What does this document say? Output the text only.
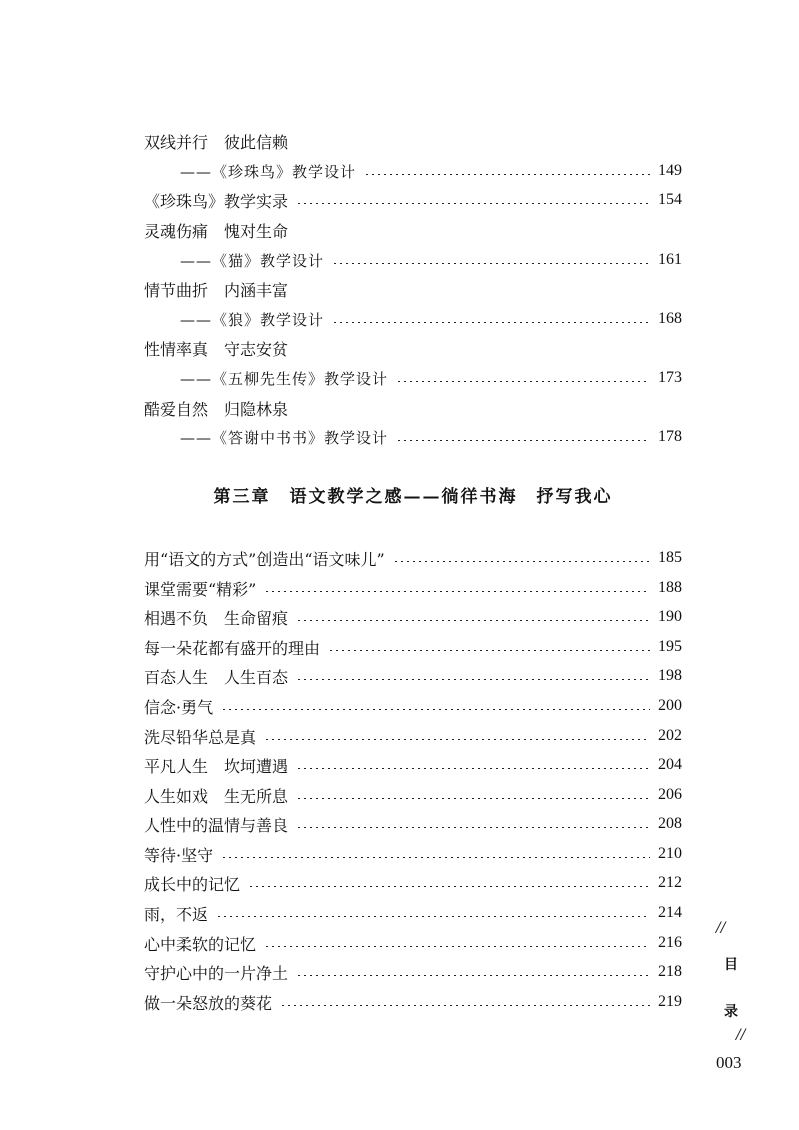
双线并行　彼此信赖
——《珍珠鸟》教学设计	149
《珍珠鸟》教学实录	154
灵魂伤痛　愧对生命
——《猫》教学设计	161
情节曲折　内涵丰富
——《狼》教学设计	168
性情率真　守志安贫
——《五柳先生传》教学设计	173
酷爱自然　归隐林泉
——《答谢中书书》教学设计	178
第三章　语文教学之感——徜徉书海　抒写我心
用“语文的方式”创造出“语文味儿”	185
课堂需要“精彩”	188
相遇不负　生命留痕	190
每一朵花都有盛开的理由	195
百态人生　人生百态	198
信念·勇气	200
洗尽铅华总是真	202
平凡人生　坎坷遭遇	204
人生如戏　生无所息	206
人性中的温情与善良	208
等待·坚守	210
成长中的记忆	212
雨，不返	214
心中柔软的记忆	216
守护心中的一片净土	218
做一朵怒放的葵花	219
//
目
录
//
003
